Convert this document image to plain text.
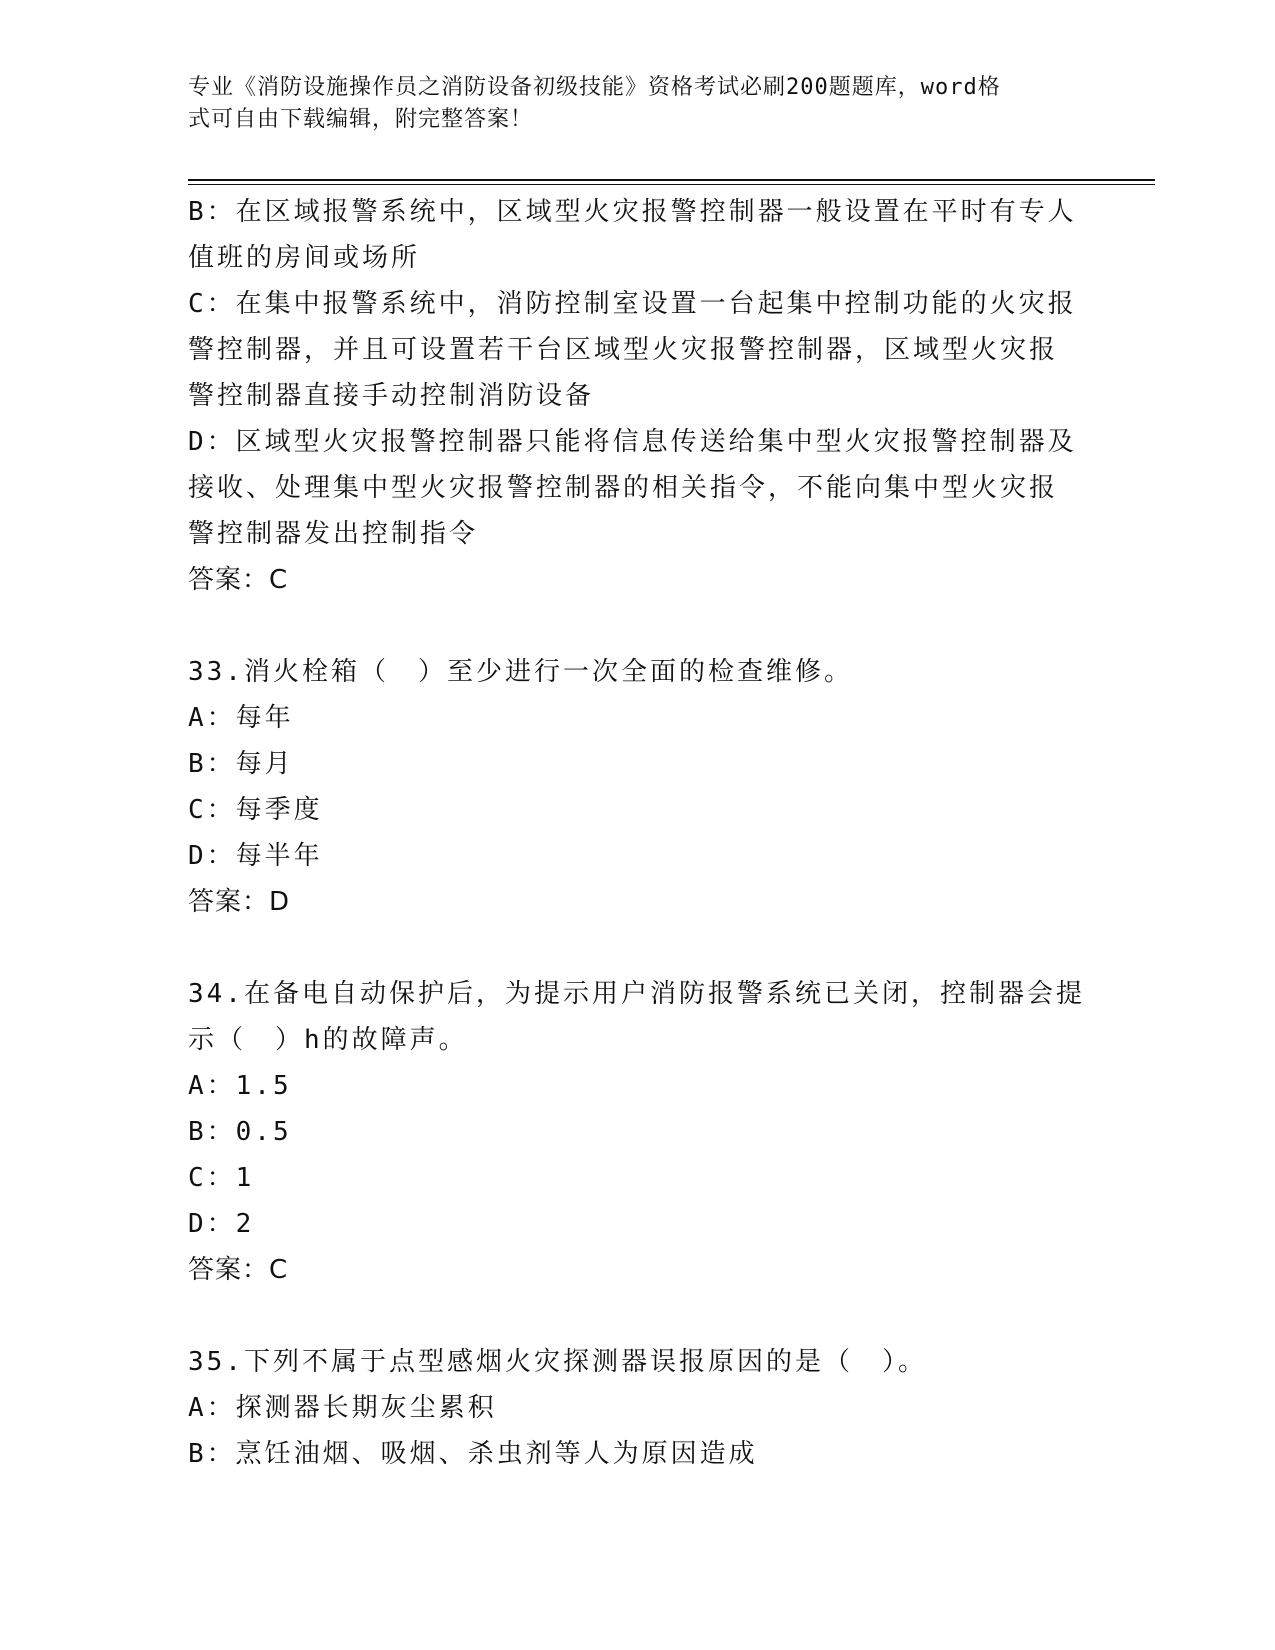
专业《消防设施操作员之消防设备初级技能》资格考试必刷200题题库，word格
式可自由下载编辑，附完整答案！
B：在区域报警系统中，区域型火灾报警控制器一般设置在平时有专人
值班的房间或场所
C：在集中报警系统中，消防控制室设置一台起集中控制功能的火灾报
警控制器，并且可设置若干台区域型火灾报警控制器，区域型火灾报
警控制器直接手动控制消防设备
D：区域型火灾报警控制器只能将信息传送给集中型火灾报警控制器及
接收、处理集中型火灾报警控制器的相关指令，不能向集中型火灾报
警控制器发出控制指令
答案：C
33.消火栓箱（　）至少进行一次全面的检查维修。
A：每年
B：每月
C：每季度
D：每半年
答案：D
34.在备电自动保护后，为提示用户消防报警系统已关闭，控制器会提
示（　）h的故障声。
A：1.5
B：0.5
C：1
D：2
答案：C
35.下列不属于点型感烟火灾探测器误报原因的是（　）。
A：探测器长期灰尘累积
B：烹饪油烟、吸烟、杀虫剂等人为原因造成
